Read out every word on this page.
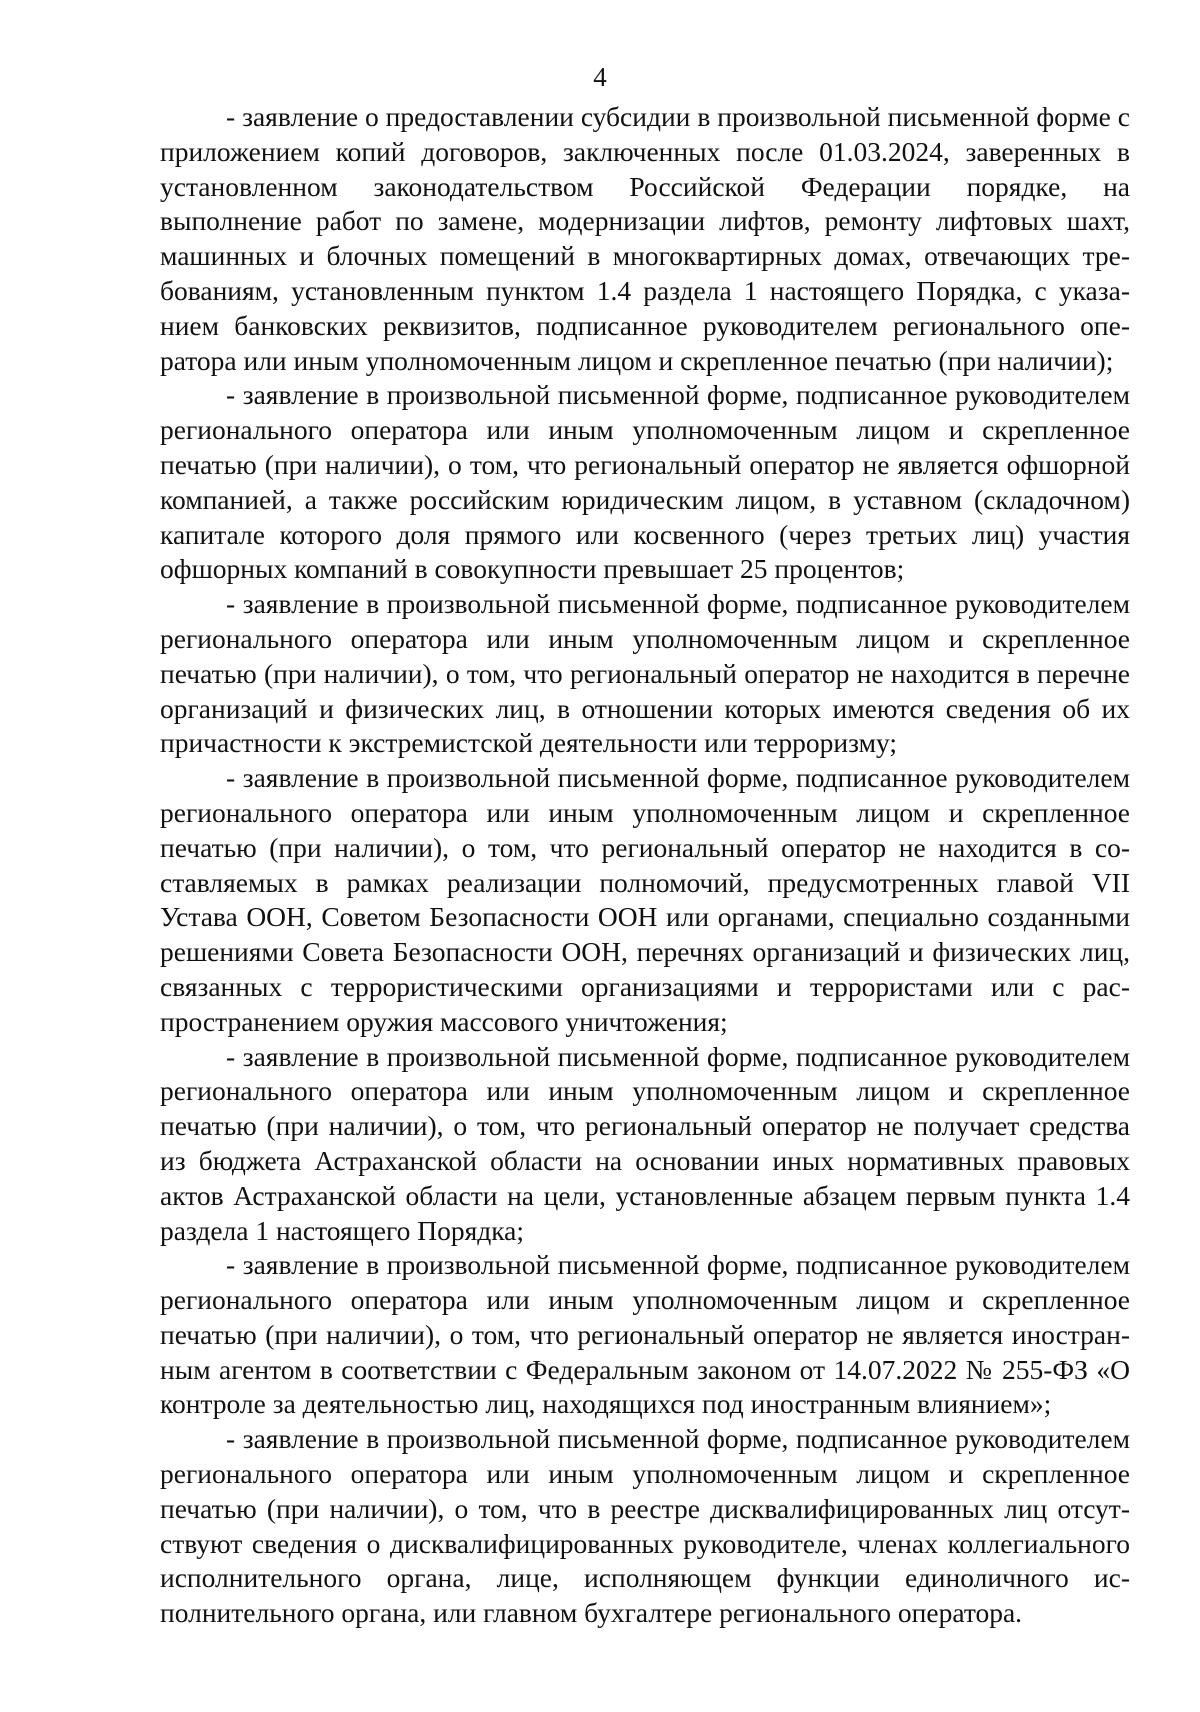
4

- заявление о предоставлении субсидии в произвольной письменной форме с приложением копий договоров, заключенных после 01.03.2024, заверенных в установленном законодательством Российской Федерации порядке, на выполнение работ по замене, модернизации лифтов, ремонту лифтовых шахт, машинных и блочных помещений в многоквартирных домах, отвечающих требованиям, установленным пунктом 1.4 раздела 1 настоящего Порядка, с указанием банковских реквизитов, подписанное руководителем регионального оператора или иным уполномоченным лицом и скрепленное печатью (при наличии);

- заявление в произвольной письменной форме, подписанное руководителем регионального оператора или иным уполномоченным лицом и скрепленное печатью (при наличии), о том, что региональный оператор не является офшорной компанией, а также российским юридическим лицом, в уставном (складочном) капитале которого доля прямого или косвенного (через третьих лиц) участия офшорных компаний в совокупности превышает 25 процентов;

- заявление в произвольной письменной форме, подписанное руководителем регионального оператора или иным уполномоченным лицом и скрепленное печатью (при наличии), о том, что региональный оператор не находится в перечне организаций и физических лиц, в отношении которых имеются сведения об их причастности к экстремистской деятельности или терроризму;

- заявление в произвольной письменной форме, подписанное руководителем регионального оператора или иным уполномоченным лицом и скрепленное печатью (при наличии), о том, что региональный оператор не находится в составляемых в рамках реализации полномочий, предусмотренных главой VII Устава ООН, Советом Безопасности ООН или органами, специально созданными решениями Совета Безопасности ООН, перечнях организаций и физических лиц, связанных с террористическими организациями и террористами или с распространением оружия массового уничтожения;

- заявление в произвольной письменной форме, подписанное руководителем регионального оператора или иным уполномоченным лицом и скрепленное печатью (при наличии), о том, что региональный оператор не получает средства из бюджета Астраханской области на основании иных нормативных правовых актов Астраханской области на цели, установленные абзацем первым пункта 1.4 раздела 1 настоящего Порядка;

- заявление в произвольной письменной форме, подписанное руководителем регионального оператора или иным уполномоченным лицом и скрепленное печатью (при наличии), о том, что региональный оператор не является иностранным агентом в соответствии с Федеральным законом от 14.07.2022 № 255-ФЗ «О контроле за деятельностью лиц, находящихся под иностранным влиянием»;

- заявление в произвольной письменной форме, подписанное руководителем регионального оператора или иным уполномоченным лицом и скрепленное печатью (при наличии), о том, что в реестре дисквалифицированных лиц отсутствуют сведения о дисквалифицированных руководителе, членах коллегиального исполнительного органа, лице, исполняющем функции единоличного исполнительного органа, или главном бухгалтере регионального оператора.
